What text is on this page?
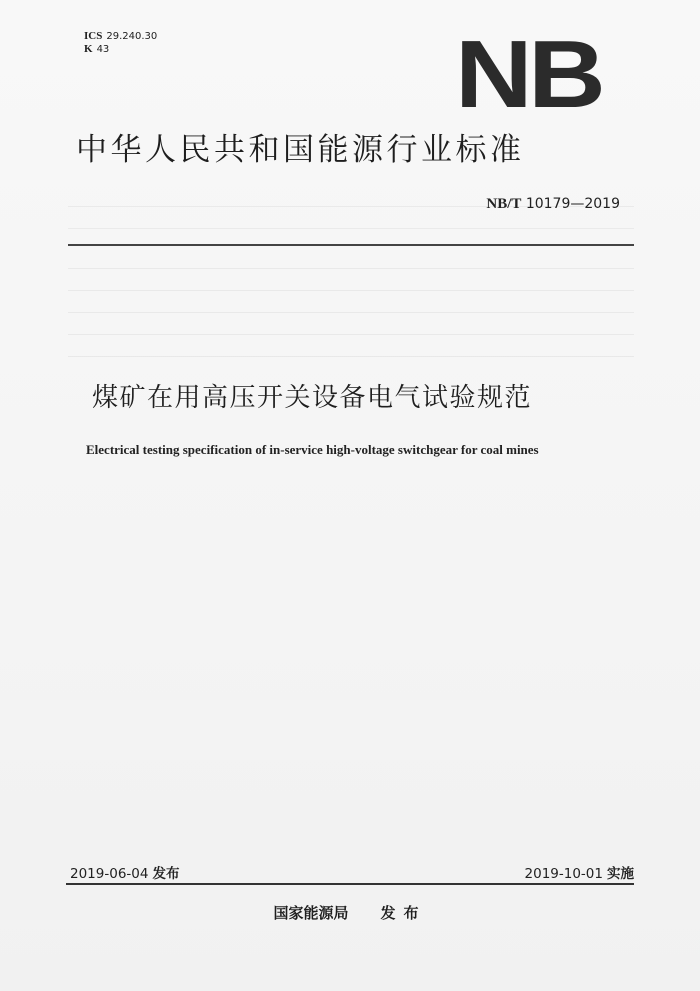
ICS 29.240.30
K 43	NB
中华人民共和国能源行业标准
NB/T 10179—2019
煤矿在用高压开关设备电气试验规范
Electrical testing specification of in-service high-voltage switchgear for coal mines
2019-06-04 发布	2019-10-01 实施
国家能源局 发布
